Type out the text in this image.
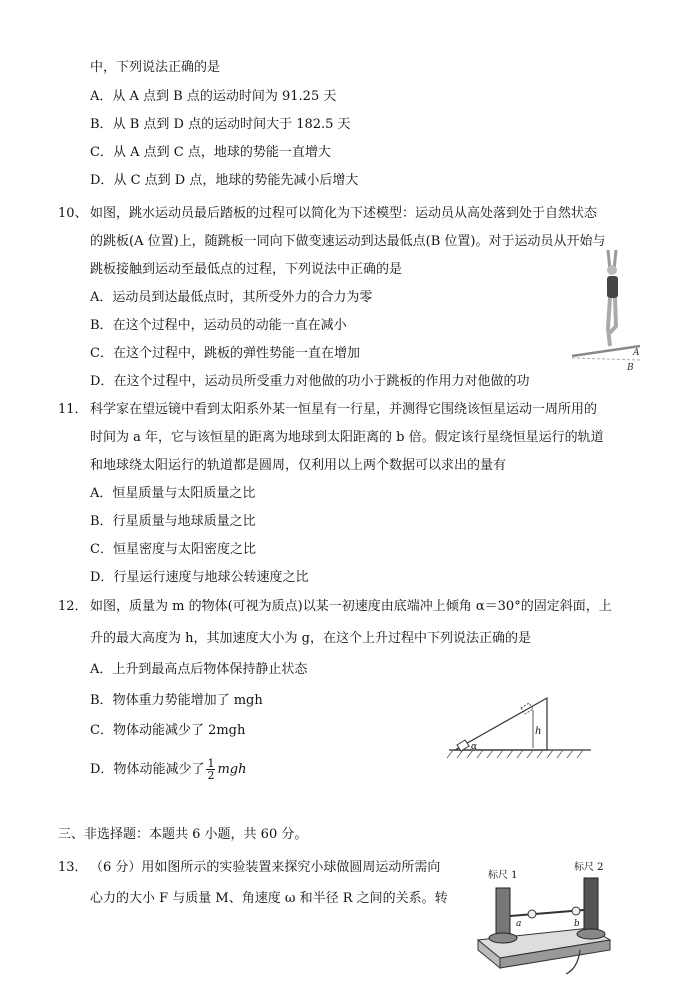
中，下列说法正确的是
A．从 A 点到 B 点的运动时间为 91.25 天
B．从 B 点到 D 点的运动时间大于 182.5 天
C．从 A 点到 C 点，地球的势能一直增大
D．从 C 点到 D 点，地球的势能先减小后增大
10、 如图，跳水运动员最后踏板的过程可以简化为下述模型：运动员从高处落到处于自然状态
的跳板(A 位置)上，随跳板一同向下做变速运动到达最低点(B 位置)。对于运动员从开始与
跳板接触到运动至最低点的过程，下列说法中正确的是
A．运动员到达最低点时，其所受外力的合力为零
B．在这个过程中，运动员的动能一直在减小
C．在这个过程中，跳板的弹性势能一直在增加
D．在这个过程中，运动员所受重力对他做的功小于跳板的作用力对他做的功
A
B
11． 科学家在望远镜中看到太阳系外某一恒星有一行星，并测得它围绕该恒星运动一周所用的
时间为 a 年，它与该恒星的距离为地球到太阳距离的 b 倍。假定该行星绕恒星运行的轨道
和地球绕太阳运行的轨道都是圆周，仅利用以上两个数据可以求出的量有
A．恒星质量与太阳质量之比
B．行星质量与地球质量之比
C．恒星密度与太阳密度之比
D．行星运行速度与地球公转速度之比
12． 如图，质量为 m 的物体(可视为质点)以某一初速度由底端冲上倾角 α＝30°的固定斜面，上
升的最大高度为 h，其加速度大小为 g，在这个上升过程中下列说法正确的是
A．上升到最高点后物体保持静止状态
B．物体重力势能增加了 mgh
C．物体动能减少了 2mgh
D．物体动能减少了 $\frac{1}{2}$ mgh
h
α
三、非选择题：本题共 6 小题，共 60 分。
13． （6 分）用如图所示的实验装置来探究小球做圆周运动所需向
心力的大小 F 与质量 M、角速度 ω 和半径 R 之间的关系。转
标尺 1
标尺 2
a	b
